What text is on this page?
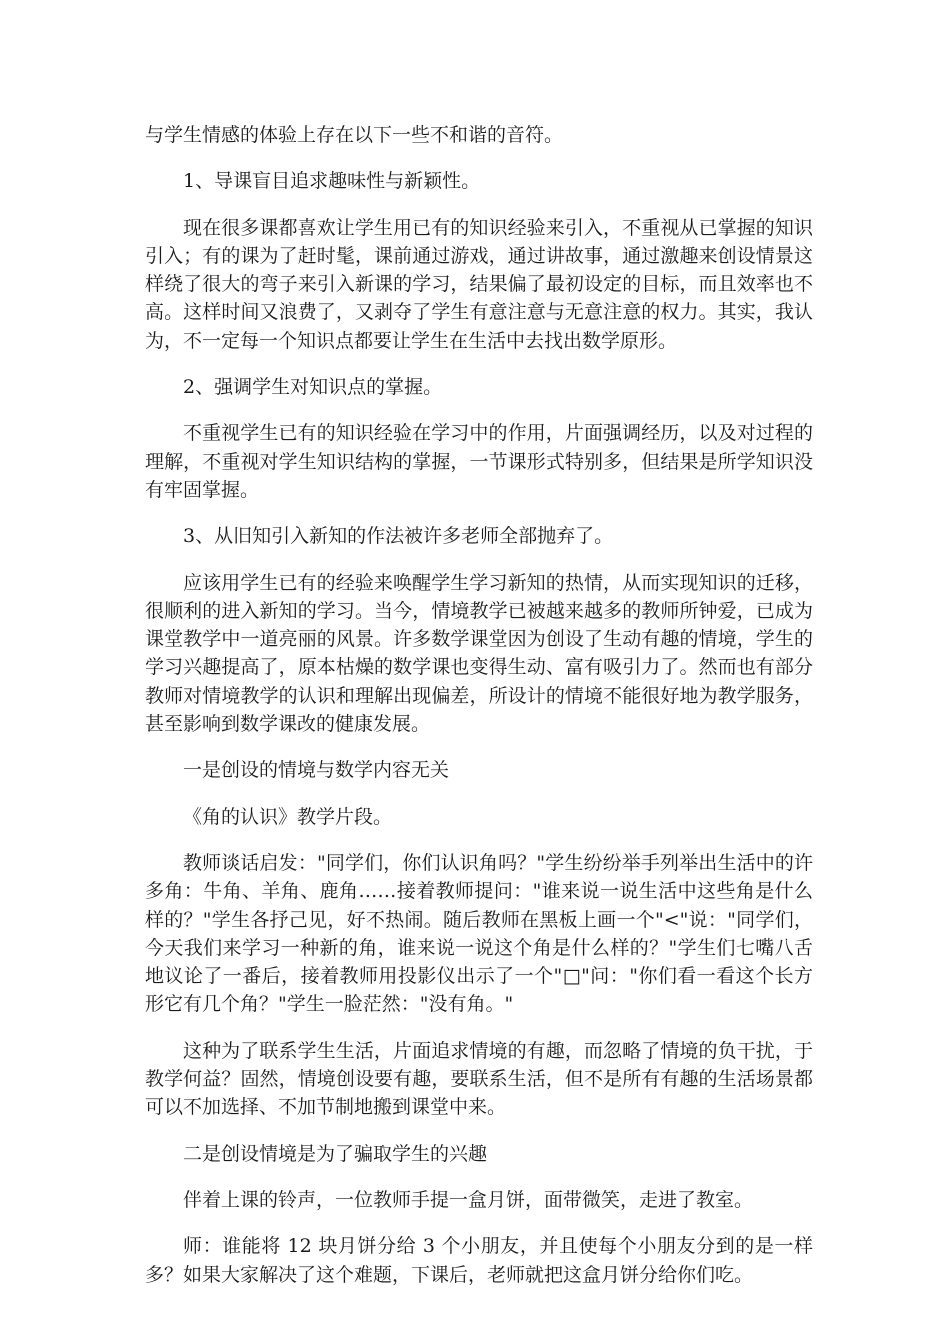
与学生情感的体验上存在以下一些不和谐的音符。

1、导课盲目追求趣味性与新颖性。

现在很多课都喜欢让学生用已有的知识经验来引入，不重视从已掌握的知识引入；有的课为了赶时髦，课前通过游戏，通过讲故事，通过激趣来创设情景这样绕了很大的弯子来引入新课的学习，结果偏了最初设定的目标，而且效率也不高。这样时间又浪费了，又剥夺了学生有意注意与无意注意的权力。其实，我认为，不一定每一个知识点都要让学生在生活中去找出数学原形。

2、强调学生对知识点的掌握。

不重视学生已有的知识经验在学习中的作用，片面强调经历，以及对过程的理解，不重视对学生知识结构的掌握，一节课形式特别多，但结果是所学知识没有牢固掌握。

3、从旧知引入新知的作法被许多老师全部抛弃了。

应该用学生已有的经验来唤醒学生学习新知的热情，从而实现知识的迁移，很顺利的进入新知的学习。当今，情境教学已被越来越多的教师所钟爱，已成为课堂教学中一道亮丽的风景。许多数学课堂因为创设了生动有趣的情境，学生的学习兴趣提高了，原本枯燥的数学课也变得生动、富有吸引力了。然而也有部分教师对情境教学的认识和理解出现偏差，所设计的情境不能很好地为教学服务，甚至影响到数学课改的健康发展。

一是创设的情境与数学内容无关

《角的认识》教学片段。

教师谈话启发："同学们，你们认识角吗？"学生纷纷举手列举出生活中的许多角：牛角、羊角、鹿角……接着教师提问："谁来说一说生活中这些角是什么样的？"学生各抒己见，好不热闹。随后教师在黑板上画一个"<"说："同学们，今天我们来学习一种新的角，谁来说一说这个角是什么样的？"学生们七嘴八舌地议论了一番后，接着教师用投影仪出示了一个"□"问："你们看一看这个长方形它有几个角？"学生一脸茫然："没有角。"

这种为了联系学生生活，片面追求情境的有趣，而忽略了情境的负干扰，于教学何益？固然，情境创设要有趣，要联系生活，但不是所有有趣的生活场景都可以不加选择、不加节制地搬到课堂中来。

二是创设情境是为了骗取学生的兴趣

伴着上课的铃声，一位教师手提一盒月饼，面带微笑，走进了教室。

师：谁能将 12 块月饼分给 3 个小朋友，并且使每个小朋友分到的是一样多？如果大家解决了这个难题，下课后，老师就把这盒月饼分给你们吃。
